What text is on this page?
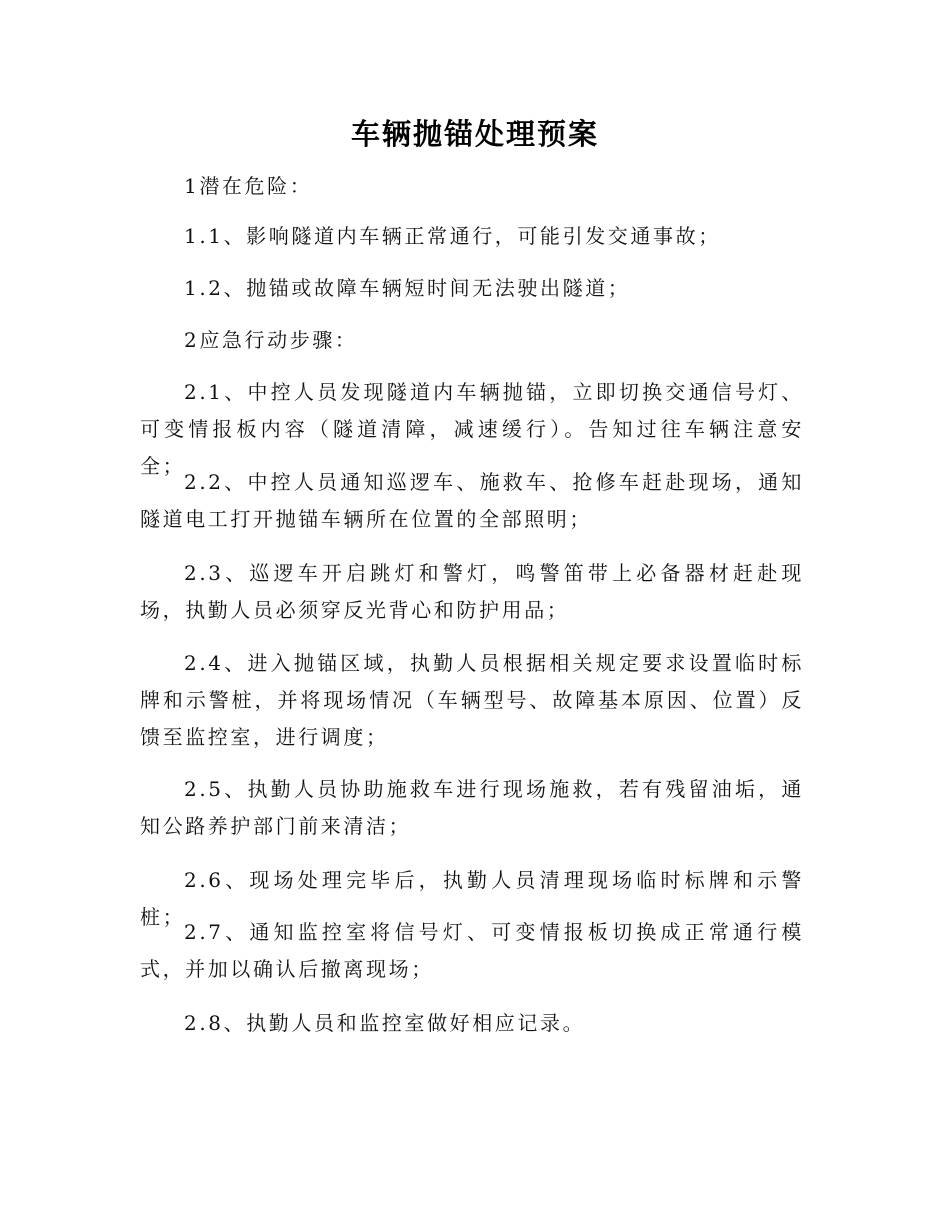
车辆抛锚处理预案

1潜在危险：

1.1、影响隧道内车辆正常通行，可能引发交通事故；

1.2、抛锚或故障车辆短时间无法驶出隧道；

2应急行动步骤：

2.1、中控人员发现隧道内车辆抛锚，立即切换交通信号灯、可变情报板内容（隧道清障，减速缓行）。告知过往车辆注意安全；

2.2、中控人员通知巡逻车、施救车、抢修车赶赴现场，通知隧道电工打开抛锚车辆所在位置的全部照明；

2.3、巡逻车开启跳灯和警灯，鸣警笛带上必备器材赶赴现场，执勤人员必须穿反光背心和防护用品；

2.4、进入抛锚区域，执勤人员根据相关规定要求设置临时标牌和示警桩，并将现场情况（车辆型号、故障基本原因、位置）反馈至监控室，进行调度；

2.5、执勤人员协助施救车进行现场施救，若有残留油垢，通知公路养护部门前来清洁；

2.6、现场处理完毕后，执勤人员清理现场临时标牌和示警桩；

2.7、通知监控室将信号灯、可变情报板切换成正常通行模式，并加以确认后撤离现场；

2.8、执勤人员和监控室做好相应记录。
